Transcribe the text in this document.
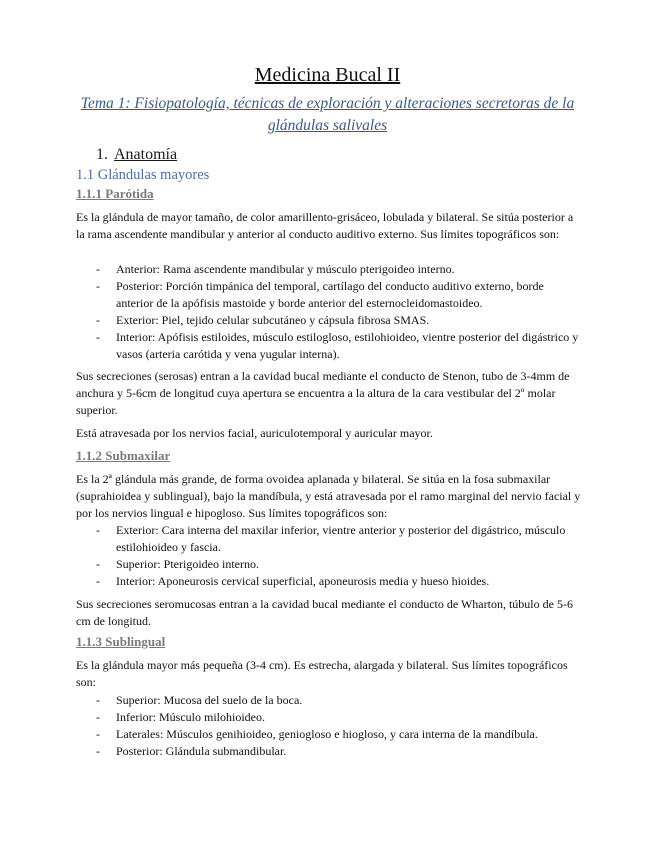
Medicina Bucal II
Tema 1: Fisiopatología, técnicas de exploración y alteraciones secretoras de la glándulas salivales
1. Anatomía
1.1 Glándulas mayores
1.1.1 Parótida

Es la glándula de mayor tamaño, de color amarillento-grisáceo, lobulada y bilateral. Se sitúa posterior a la rama ascendente mandibular y anterior al conducto auditivo externo. Sus límites topográficos son:

- Anterior: Rama ascendente mandibular y músculo pterigoideo interno.
- Posterior: Porción timpánica del temporal, cartílago del conducto auditivo externo, borde anterior de la apófisis mastoide y borde anterior del esternocleidomastoideo.
- Exterior: Piel, tejido celular subcutáneo y cápsula fibrosa SMAS.
- Interior: Apófisis estiloides, músculo estilogloso, estilohioideo, vientre posterior del digástrico y vasos (arteria carótida y vena yugular interna).

Sus secreciones (serosas) entran a la cavidad bucal mediante el conducto de Stenon, tubo de 3-4mm de anchura y 5-6cm de longitud cuya apertura se encuentra a la altura de la cara vestibular del 2º molar superior.

Está atravesada por los nervios facial, auriculotemporal y auricular mayor.

1.1.2 Submaxilar

Es la 2ª glándula más grande, de forma ovoidea aplanada y bilateral. Se sitúa en la fosa submaxilar (suprahioidea y sublingual), bajo la mandíbula, y está atravesada por el ramo marginal del nervio facial y por los nervios lingual e hipogloso. Sus límites topográficos son:

- Exterior: Cara interna del maxilar inferior, vientre anterior y posterior del digástrico, músculo estilohioideo y fascia.
- Superior: Pterigoideo interno.
- Interior: Aponeurosis cervical superficial, aponeurosis media y hueso hioides.

Sus secreciones seromucosas entran a la cavidad bucal mediante el conducto de Wharton, túbulo de 5-6 cm de longitud.

1.1.3 Sublingual

Es la glándula mayor más pequeña (3-4 cm). Es estrecha, alargada y bilateral. Sus límites topográficos son:

- Superior: Mucosa del suelo de la boca.
- Inferior: Músculo milohioideo.
- Laterales: Músculos genihioideo, geniogloso e hiogloso, y cara interna de la mandíbula.
- Posterior: Glándula submandibular.
